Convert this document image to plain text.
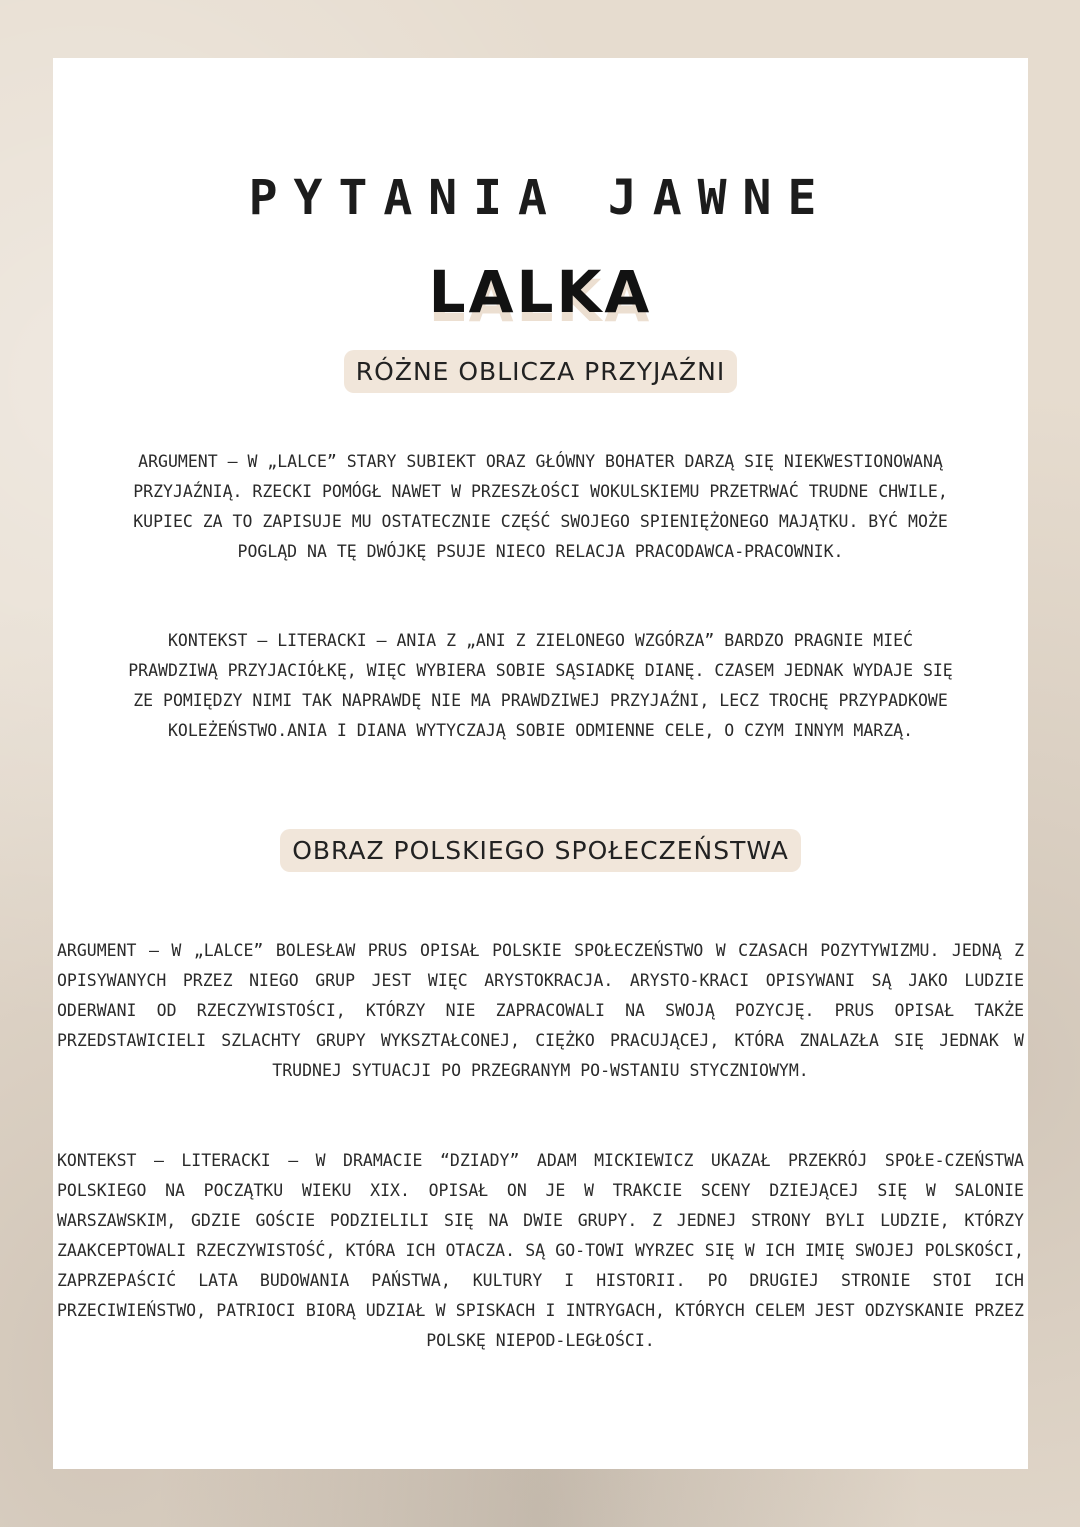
PYTANIA JAWNE
LALKA
RÓŻNE OBLICZA PRZYJAŹNI

ARGUMENT – W „LALCE” STARY SUBIEKT ORAZ GŁÓWNY BOHATER DARZĄ SIĘ NIEKWESTIONOWANĄ PRZYJAŹNIĄ. RZECKI POMÓGŁ NAWET W PRZESZŁOŚCI WOKULSKIEMU PRZETRWAĆ TRUDNE CHWILE, KUPIEC ZA TO ZAPISUJE MU OSTATECZNIE CZĘŚĆ SWOJEGO SPIENIĘŻONEGO MAJĄTKU. BYĆ MOŻE POGLĄD NA TĘ DWÓJKĘ PSUJE NIECO RELACJA PRACODAWCA-PRACOWNIK.

KONTEKST – LITERACKI – ANIA Z „ANI Z ZIELONEGO WZGÓRZA” BARDZO PRAGNIE MIEĆ PRAWDZIWĄ PRZYJACIÓŁKĘ, WIĘC WYBIERA SOBIE SĄSIADKĘ DIANĘ. CZASEM JEDNAK WYDAJE SIĘ ZE POMIĘDZY NIMI TAK NAPRAWDĘ NIE MA PRAWDZIWEJ PRZYJAŹNI, LECZ TROCHĘ PRZYPADKOWE KOLEŻEŃSTWO.ANIA I DIANA WYTYCZAJĄ SOBIE ODMIENNE CELE, O CZYM INNYM MARZĄ.

OBRAZ POLSKIEGO SPOŁECZEŃSTWA

ARGUMENT – W „LALCE” BOLESŁAW PRUS OPISAŁ POLSKIE SPOŁECZEŃSTWO W CZASACH POZYTYWIZMU. JEDNĄ Z OPISYWANYCH PRZEZ NIEGO GRUP JEST WIĘC ARYSTOKRACJA. ARYSTO-KRACI OPISYWANI SĄ JAKO LUDZIE ODERWANI OD RZECZYWISTOŚCI, KTÓRZY NIE ZAPRACOWALI NA SWOJĄ POZYCJĘ. PRUS OPISAŁ TAKŻE PRZEDSTAWICIELI SZLACHTY GRUPY WYKSZTAŁCONEJ, CIĘŻKO PRACUJĄCEJ, KTÓRA ZNALAZŁA SIĘ JEDNAK W TRUDNEJ SYTUACJI PO PRZEGRANYM PO-WSTANIU STYCZNIOWYM.

KONTEKST – LITERACKI – W DRAMACIE “DZIADY” ADAM MICKIEWICZ UKAZAŁ PRZEKRÓJ SPOŁE-CZEŃSTWA POLSKIEGO NA POCZĄTKU WIEKU XIX. OPISAŁ ON JE W TRAKCIE SCENY DZIEJĄCEJ SIĘ W SALONIE WARSZAWSKIM, GDZIE GOŚCIE PODZIELILI SIĘ NA DWIE GRUPY. Z JEDNEJ STRONY BYLI LUDZIE, KTÓRZY ZAAKCEPTOWALI RZECZYWISTOŚĆ, KTÓRA ICH OTACZA. SĄ GO-TOWI WYRZEC SIĘ W ICH IMIĘ SWOJEJ POLSKOŚCI, ZAPRZEPAŚCIĆ LATA BUDOWANIA PAŃSTWA, KULTURY I HISTORII. PO DRUGIEJ STRONIE STOI ICH PRZECIWIEŃSTWO, PATRIOCI BIORĄ UDZIAŁ W SPISKACH I INTRYGACH, KTÓRYCH CELEM JEST ODZYSKANIE PRZEZ POLSKĘ NIEPOD-LEGŁOŚCI.
